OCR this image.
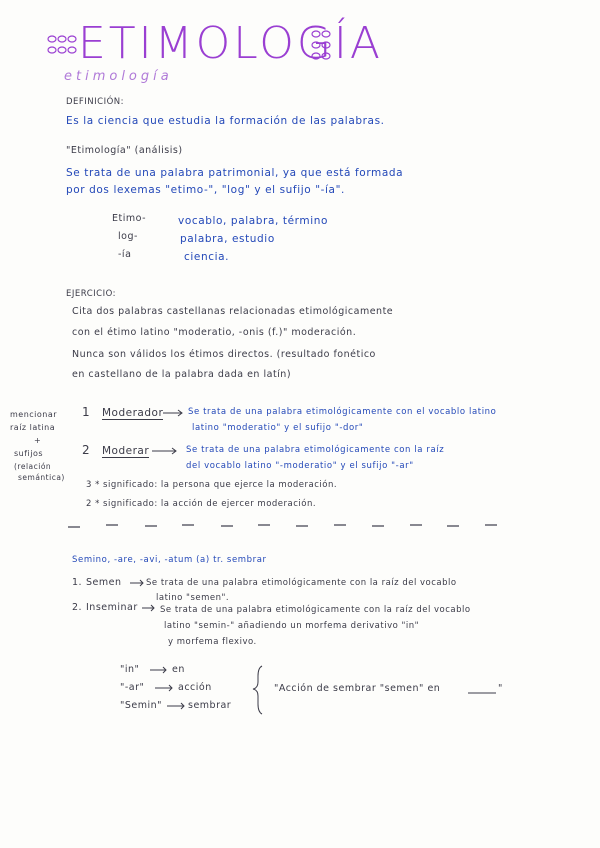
ETIMOLOGÍA
etimología
DEFINICIÓN:
Es la ciencia que estudia la formación de las palabras.
"Etimología" (análisis)
Se trata de una palabra patrimonial, ya que está formada
por dos lexemas "etimo-", "log" y el sufijo "-ía".
Etimo-	vocablo, palabra, término
log-	palabra, estudio
-ía	ciencia.
EJERCICIO:
Cita dos palabras castellanas relacionadas etimológicamente
con el étimo latino "moderatio, -onis (f.)" moderación.
Nunca son válidos los étimos directos. (resultado fonético
en castellano de la palabra dada en latín)
mencionar
raíz latina
+
sufijos
(relación
semántica)
1 Moderador	Se trata de una palabra etimológicamente con el vocablo latino
latino "moderatio" y el sufijo "-dor"
2 Moderar	Se trata de una palabra etimológicamente con la raíz
del vocablo latino "-moderatio" y el sufijo "-ar"
3 * significado: la persona que ejerce la moderación.
2 * significado: la acción de ejercer moderación.
Semino, -are, -avi, -atum (a) tr. sembrar
1. Semen	Se trata de una palabra etimológicamente con la raíz del vocablo
latino "semen".
2. Inseminar	Se trata de una palabra etimológicamente con la raíz del vocablo
latino "semin-" añadiendo un morfema derivativo "in"
y morfema flexivo.
"in"	en
"-ar"	acción
"Semin"	sembrar
"Acción de sembrar "semen" en	"
